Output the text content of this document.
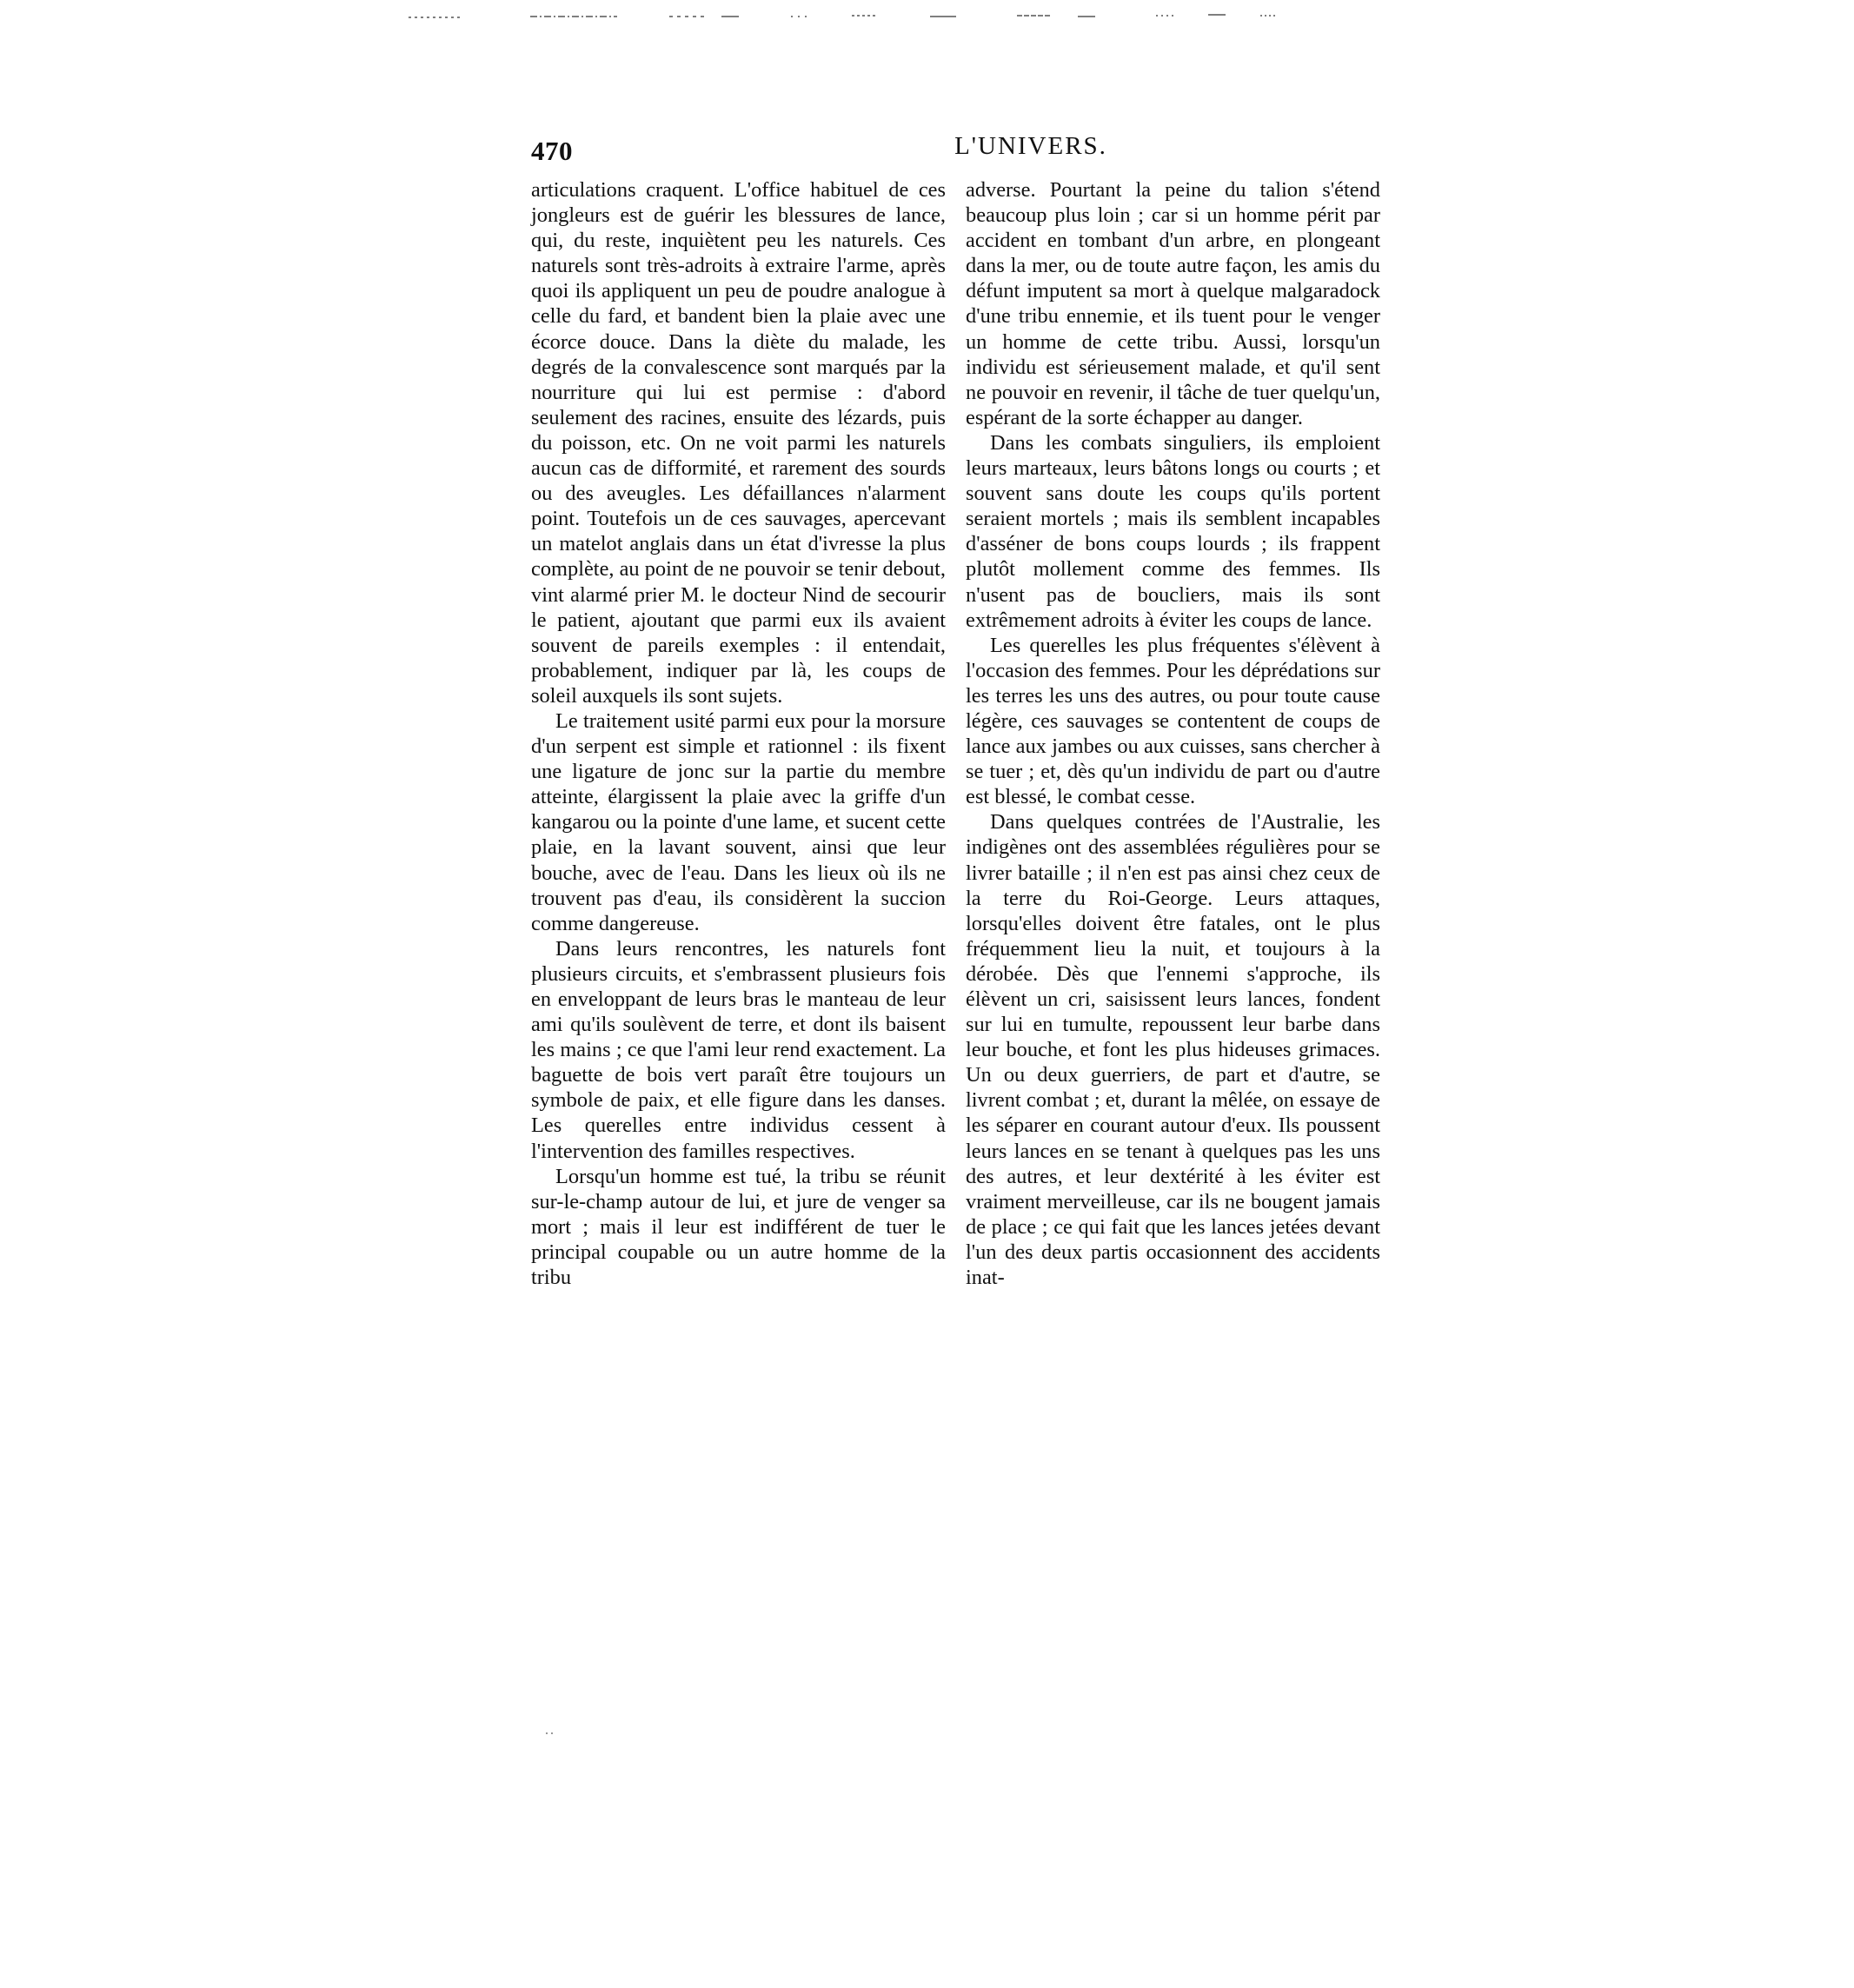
470	L'UNIVERS.

articulations craquent. L'office habituel de ces jongleurs est de guérir les blessures de lance, qui, du reste, inquiètent peu les naturels. Ces naturels sont très-adroits à extraire l'arme, après quoi ils appliquent un peu de poudre analogue à celle du fard, et bandent bien la plaie avec une écorce douce. Dans la diète du malade, les degrés de la convalescence sont marqués par la nourriture qui lui est permise : d'abord seulement des racines, ensuite des lézards, puis du poisson, etc. On ne voit parmi les naturels aucun cas de difformité, et rarement des sourds ou des aveugles. Les défaillances n'alarment point. Toutefois un de ces sauvages, apercevant un matelot anglais dans un état d'ivresse la plus complète, au point de ne pouvoir se tenir debout, vint alarmé prier M. le docteur Nind de secourir le patient, ajoutant que parmi eux ils avaient souvent de pareils exemples : il entendait, probablement, indiquer par là, les coups de soleil auxquels ils sont sujets.

Le traitement usité parmi eux pour la morsure d'un serpent est simple et rationnel : ils fixent une ligature de jonc sur la partie du membre atteinte, élargissent la plaie avec la griffe d'un kangarou ou la pointe d'une lame, et sucent cette plaie, en la lavant souvent, ainsi que leur bouche, avec de l'eau. Dans les lieux où ils ne trouvent pas d'eau, ils considèrent la succion comme dangereuse.

Dans leurs rencontres, les naturels font plusieurs circuits, et s'embrassent plusieurs fois en enveloppant de leurs bras le manteau de leur ami qu'ils soulèvent de terre, et dont ils baisent les mains ; ce que l'ami leur rend exactement. La baguette de bois vert paraît être toujours un symbole de paix, et elle figure dans les danses. Les querelles entre individus cessent à l'intervention des familles respectives.

Lorsqu'un homme est tué, la tribu se réunit sur-le-champ autour de lui, et jure de venger sa mort ; mais il leur est indifférent de tuer le principal coupable ou un autre homme de la tribu

adverse. Pourtant la peine du talion s'étend beaucoup plus loin ; car si un homme périt par accident en tombant d'un arbre, en plongeant dans la mer, ou de toute autre façon, les amis du défunt imputent sa mort à quelque malgaradock d'une tribu ennemie, et ils tuent pour le venger un homme de cette tribu. Aussi, lorsqu'un individu est sérieusement malade, et qu'il sent ne pouvoir en revenir, il tâche de tuer quelqu'un, espérant de la sorte échapper au danger.

Dans les combats singuliers, ils emploient leurs marteaux, leurs bâtons longs ou courts ; et souvent sans doute les coups qu'ils portent seraient mortels ; mais ils semblent incapables d'asséner de bons coups lourds ; ils frappent plutôt mollement comme des femmes. Ils n'usent pas de boucliers, mais ils sont extrêmement adroits à éviter les coups de lance.

Les querelles les plus fréquentes s'élèvent à l'occasion des femmes. Pour les déprédations sur les terres les uns des autres, ou pour toute cause légère, ces sauvages se contentent de coups de lance aux jambes ou aux cuisses, sans chercher à se tuer ; et, dès qu'un individu de part ou d'autre est blessé, le combat cesse.

Dans quelques contrées de l'Australie, les indigènes ont des assemblées régulières pour se livrer bataille ; il n'en est pas ainsi chez ceux de la terre du Roi-George. Leurs attaques, lorsqu'elles doivent être fatales, ont le plus fréquemment lieu la nuit, et toujours à la dérobée. Dès que l'ennemi s'approche, ils élèvent un cri, saisissent leurs lances, fondent sur lui en tumulte, repoussent leur barbe dans leur bouche, et font les plus hideuses grimaces. Un ou deux guerriers, de part et d'autre, se livrent combat ; et, durant la mêlée, on essaye de les séparer en courant autour d'eux. Ils poussent leurs lances en se tenant à quelques pas les uns des autres, et leur dextérité à les éviter est vraiment merveilleuse, car ils ne bougent jamais de place ; ce qui fait que les lances jetées devant l'un des deux partis occasionnent des accidents inat-
